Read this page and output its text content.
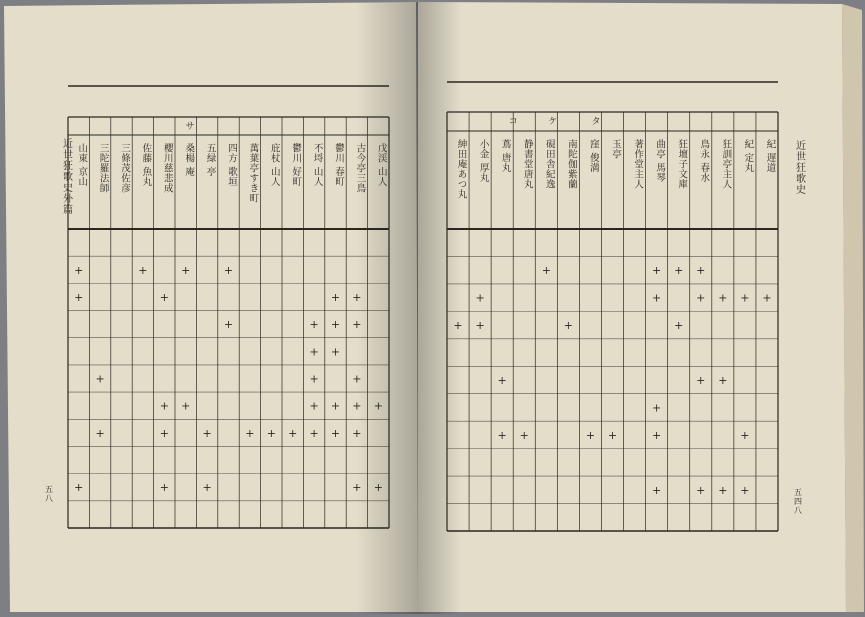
近世狂歌史外篇
五八
近世狂歌史
五四八
サ
戊渓 山人
+
+
古今亭三鳥
+
+
+
+
+
+
鬱川 春町
+
+
+
+
+
不埒 山人
+
+
+
+
+
鬱川 好町
+
庇杖 山人
+
萬葉亭すき町
+
四方 歌垣
+
+
五緑 亭
+
+
桑楊 庵
+
+
櫻川慈悲成
+
+
+
+
佐藤 魚丸
+
三條茂佐彦
三陀羅法師
+
+
山東 京山
+
+
+
タ
ケ
コ
紀 遅道
+
紀 定丸
+
+
+
狂訓亭主人
+
+
+
鳥永 春水
+
+
+
+
狂壇子文庫
+
+
曲亭 馬琴
+
+
+
+
+
著作堂主人
玉亭
+
窪 俊満
+
南陀伽紫蘭
+
硯田舎紀逸
+
静書堂唐丸
+
蔦 唐丸
+
+
小金 厚丸
+
+
紳田庵あつ丸
+
